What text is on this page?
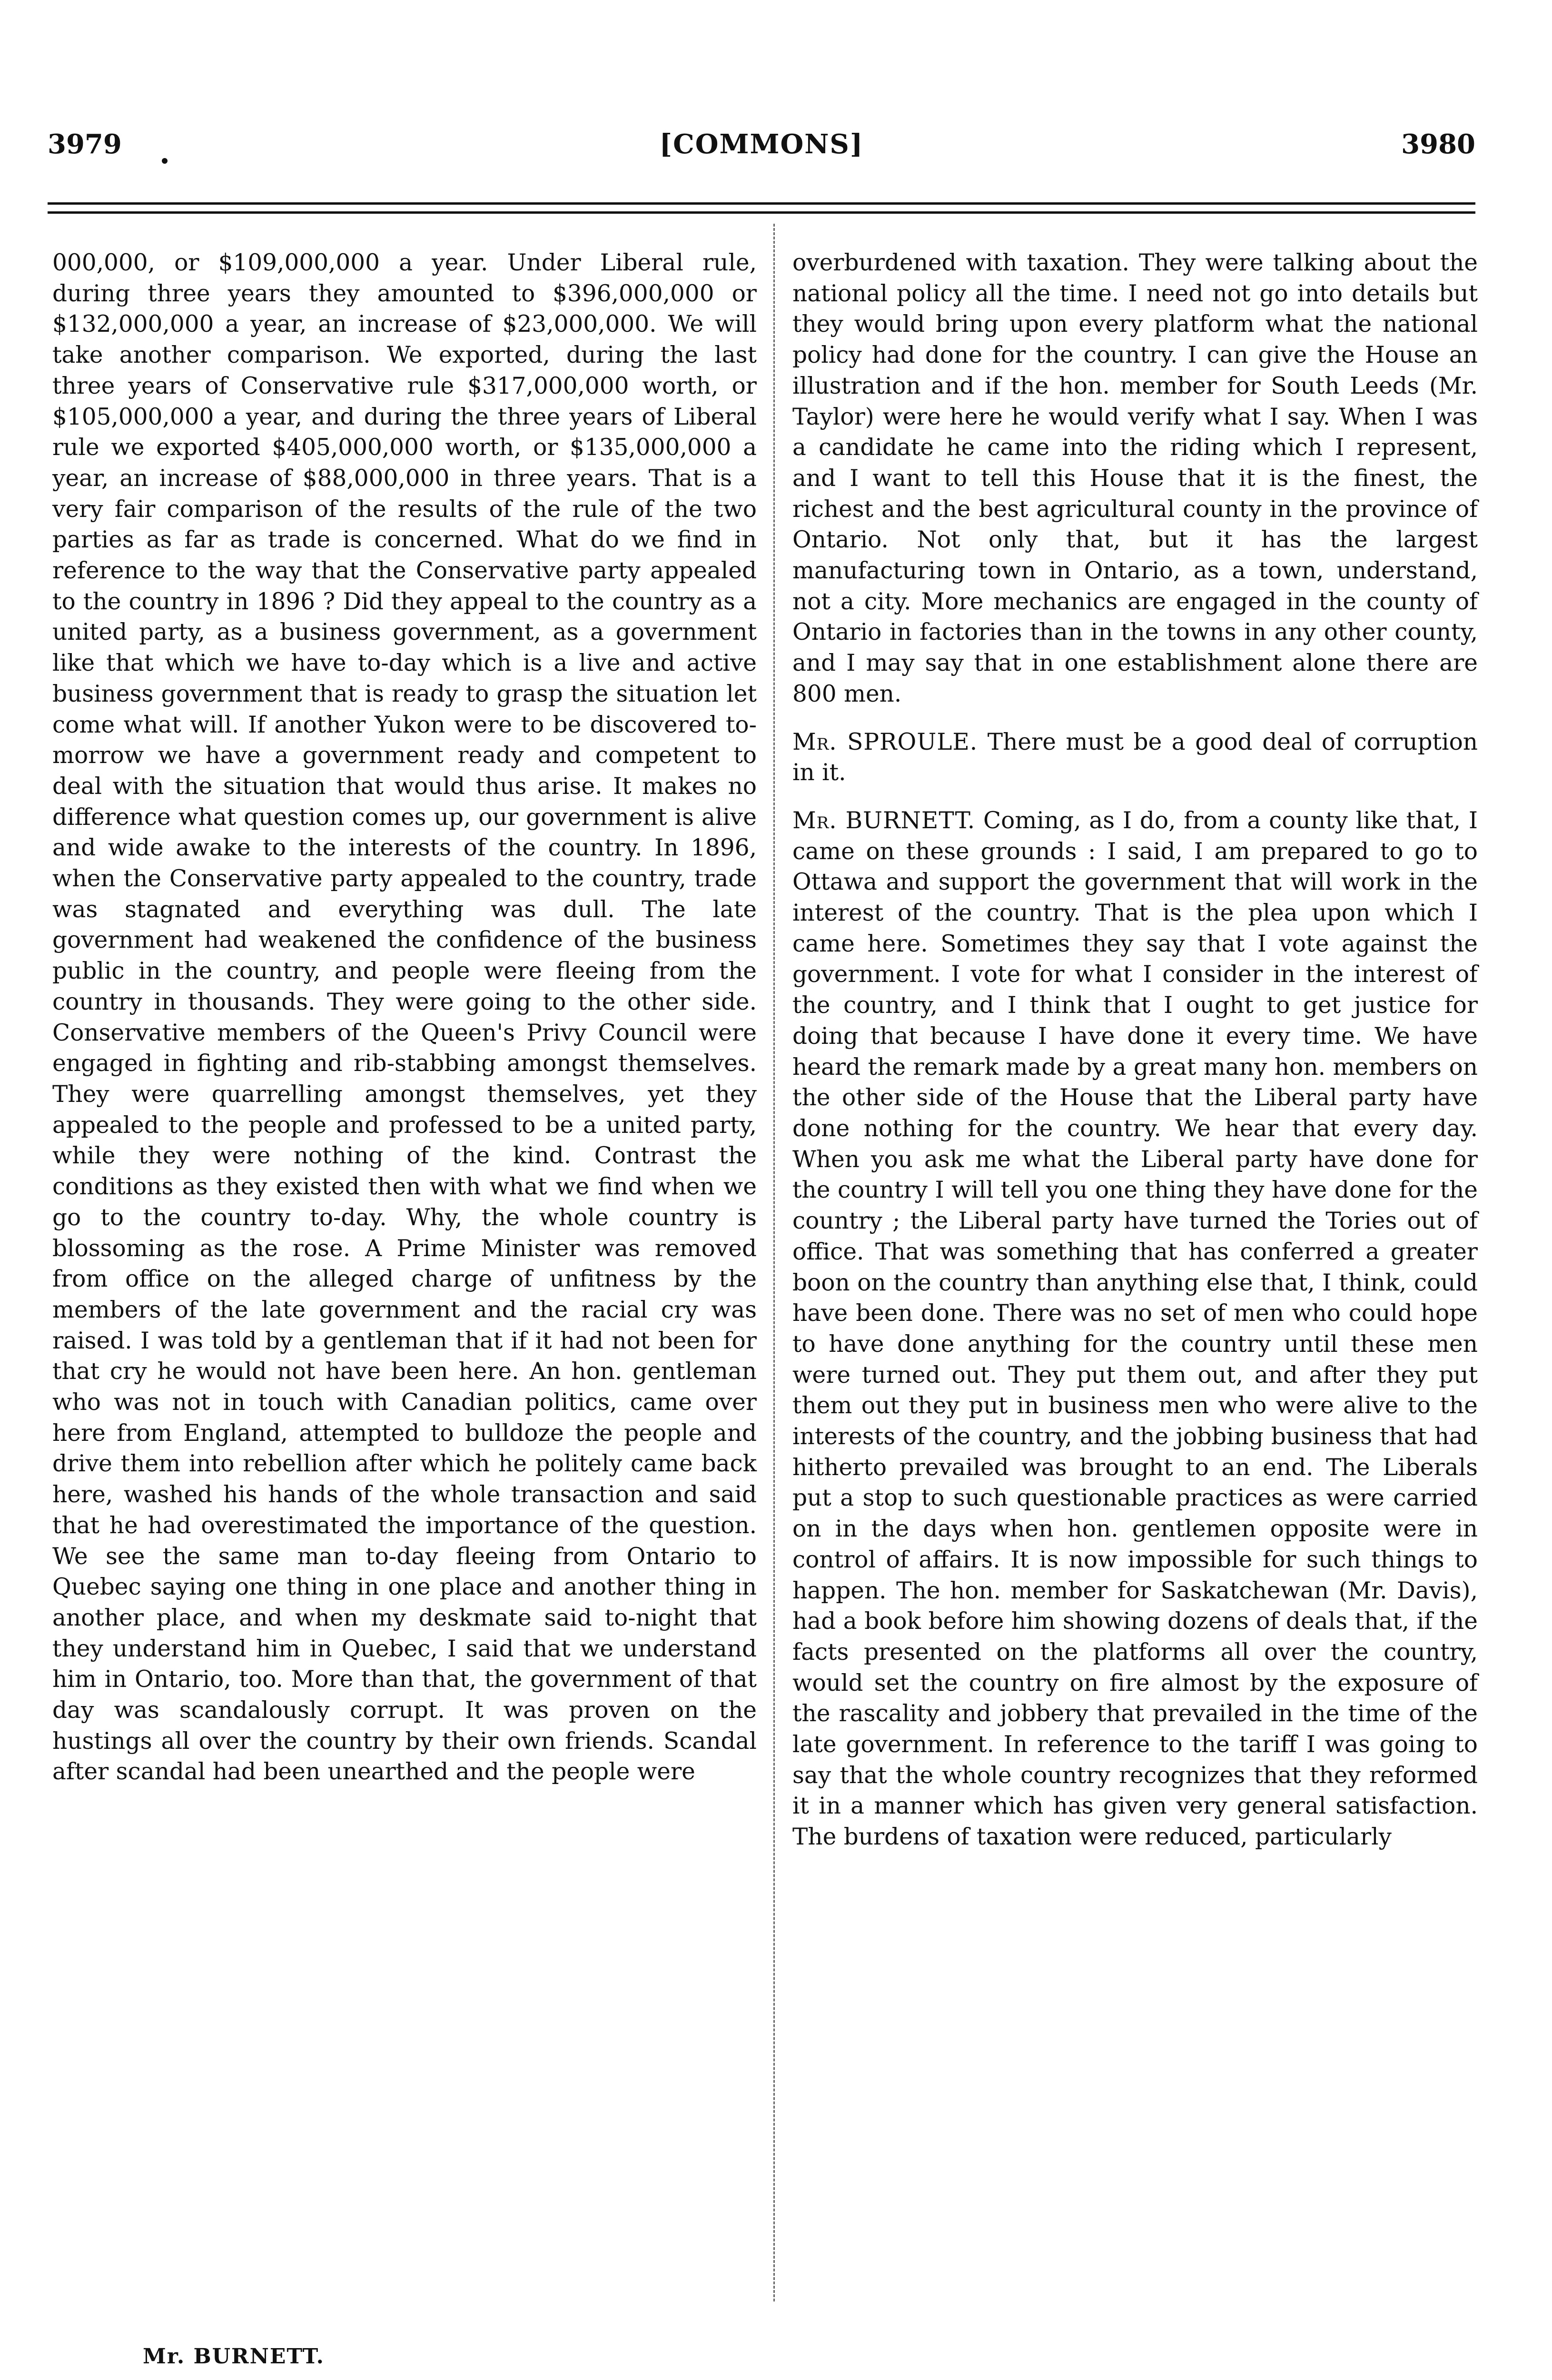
3979	[COMMONS]	3980

000,000, or $109,000,000 a year. Under Liberal rule, during three years they amounted to $396,000,000 or $132,000,000 a year, an increase of $23,000,000. We will take another comparison. We exported, during the last three years of Conservative rule $317,000,000 worth, or $105,000,000 a year, and during the three years of Liberal rule we exported $405,000,000 worth, or $135,000,000 a year, an increase of $88,000,000 in three years. That is a very fair comparison of the results of the rule of the two parties as far as trade is concerned. What do we find in reference to the way that the Conservative party appealed to the country in 1896 ? Did they appeal to the country as a united party, as a business government, as a government like that which we have to-day which is a live and active business government that is ready to grasp the situation let come what will. If another Yukon were to be discovered to-morrow we have a government ready and competent to deal with the situation that would thus arise. It makes no difference what question comes up, our government is alive and wide awake to the interests of the country. In 1896, when the Conservative party appealed to the country, trade was stagnated and everything was dull. The late government had weakened the confidence of the business public in the country, and people were fleeing from the country in thousands. They were going to the other side. Conservative members of the Queen's Privy Council were engaged in fighting and rib-stabbing amongst themselves. They were quarrelling amongst themselves, yet they appealed to the people and professed to be a united party, while they were nothing of the kind. Contrast the conditions as they existed then with what we find when we go to the country to-day. Why, the whole country is blossoming as the rose. A Prime Minister was removed from office on the alleged charge of unfitness by the members of the late government and the racial cry was raised. I was told by a gentleman that if it had not been for that cry he would not have been here. An hon. gentleman who was not in touch with Canadian politics, came over here from England, attempted to bulldoze the people and drive them into rebellion after which he politely came back here, washed his hands of the whole transaction and said that he had overestimated the importance of the question. We see the same man to-day fleeing from Ontario to Quebec saying one thing in one place and another thing in another place, and when my deskmate said to-night that they understand him in Quebec, I said that we understand him in Ontario, too. More than that, the government of that day was scandalously corrupt. It was proven on the hustings all over the country by their own friends. Scandal after scandal had been unearthed and the people were

overburdened with taxation. They were talking about the national policy all the time. I need not go into details but they would bring upon every platform what the national policy had done for the country. I can give the House an illustration and if the hon. member for South Leeds (Mr. Taylor) were here he would verify what I say. When I was a candidate he came into the riding which I represent, and I want to tell this House that it is the finest, the richest and the best agricultural county in the province of Ontario. Not only that, but it has the largest manufacturing town in Ontario, as a town, understand, not a city. More mechanics are engaged in the county of Ontario in factories than in the towns in any other county, and I may say that in one establishment alone there are 800 men.

Mr. SPROULE. There must be a good deal of corruption in it.

Mr. BURNETT. Coming, as I do, from a county like that, I came on these grounds : I said, I am prepared to go to Ottawa and support the government that will work in the interest of the country. That is the plea upon which I came here. Sometimes they say that I vote against the government. I vote for what I consider in the interest of the country, and I think that I ought to get justice for doing that because I have done it every time. We have heard the remark made by a great many hon. members on the other side of the House that the Liberal party have done nothing for the country. We hear that every day. When you ask me what the Liberal party have done for the country I will tell you one thing they have done for the country ; the Liberal party have turned the Tories out of office. That was something that has conferred a greater boon on the country than anything else that, I think, could have been done. There was no set of men who could hope to have done anything for the country until these men were turned out. They put them out, and after they put them out they put in business men who were alive to the interests of the country, and the jobbing business that had hitherto prevailed was brought to an end. The Liberals put a stop to such questionable practices as were carried on in the days when hon. gentlemen opposite were in control of affairs. It is now impossible for such things to happen. The hon. member for Saskatchewan (Mr. Davis), had a book before him showing dozens of deals that, if the facts presented on the platforms all over the country, would set the country on fire almost by the exposure of the rascality and jobbery that prevailed in the time of the late government. In reference to the tariff I was going to say that the whole country recognizes that they reformed it in a manner which has given very general satisfaction. The burdens of taxation were reduced, particularly

Mr. BURNETT.
